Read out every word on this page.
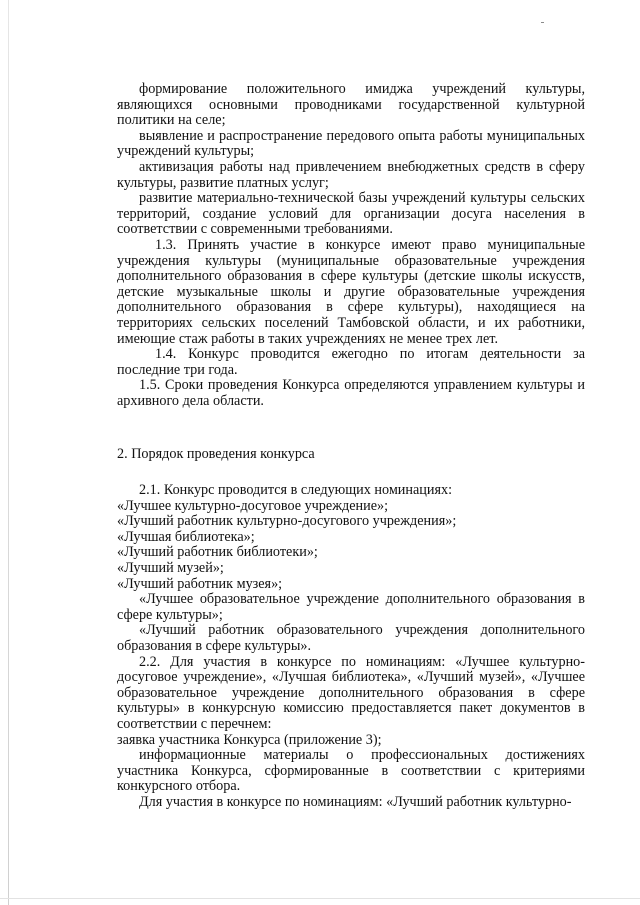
формирование положительного имиджа учреждений культуры, являющихся основными проводниками государственной культурной политики на селе;

выявление и распространение передового опыта работы муниципальных учреждений культуры;

активизация работы над привлечением внебюджетных средств в сферу культуры, развитие платных услуг;

развитие материально-технической базы учреждений культуры сельских территорий, создание условий для организации досуга населения в соответствии с современными требованиями.

1.3. Принять участие в конкурсе имеют право муниципальные учреждения культуры (муниципальные образовательные учреждения дополнительного образования в сфере культуры (детские школы искусств, детские музыкальные школы и другие образовательные учреждения дополнительного образования в сфере культуры), находящиеся на территориях сельских поселений Тамбовской области, и их работники, имеющие стаж работы в таких учреждениях не менее трех лет.

1.4. Конкурс проводится ежегодно по итогам деятельности за последние три года.

1.5. Сроки проведения Конкурса определяются управлением культуры и архивного дела области.

2. Порядок проведения конкурса

2.1. Конкурс проводится в следующих номинациях:

«Лучшее культурно-досуговое учреждение»;

«Лучший работник культурно-досугового учреждения»;

«Лучшая библиотека»;

«Лучший работник библиотеки»;

«Лучший музей»;

«Лучший работник музея»;

«Лучшее образовательное учреждение дополнительного образования в сфере культуры»;

«Лучший работник образовательного учреждения дополнительного образования в сфере культуры».

2.2. Для участия в конкурсе по номинациям: «Лучшее культурно-досуговое учреждение», «Лучшая библиотека», «Лучший музей», «Лучшее образовательное учреждение дополнительного образования в сфере культуры» в конкурсную комиссию предоставляется пакет документов в соответствии с перечнем:

заявка участника Конкурса (приложение 3);

информационные материалы о профессиональных достижениях участника Конкурса, сформированные в соответствии с критериями конкурсного отбора.

Для участия в конкурсе по номинациям: «Лучший работник культурно-
